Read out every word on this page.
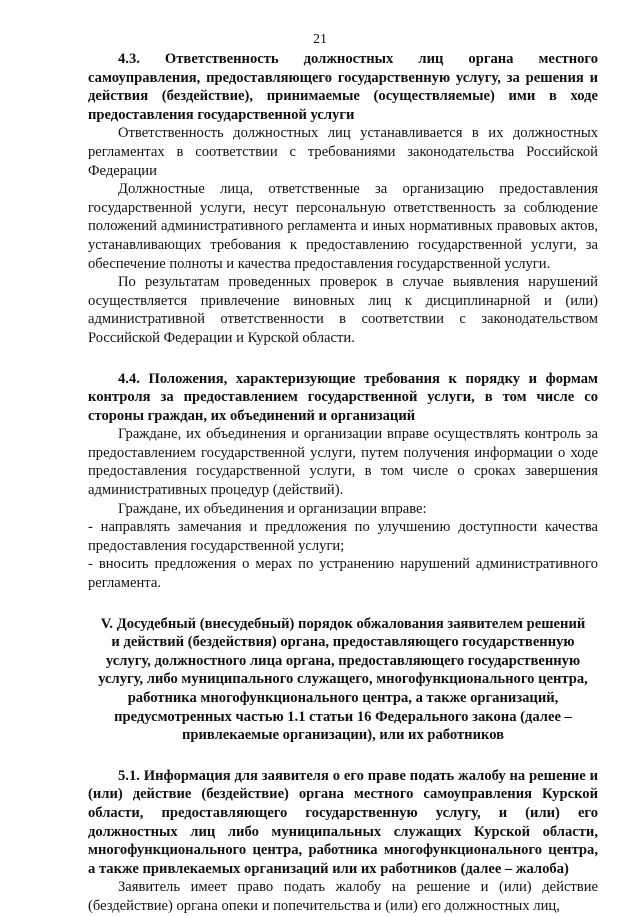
21

4.3. Ответственность должностных лиц органа местного самоуправления, предоставляющего государственную услугу, за решения и действия (бездействие), принимаемые (осуществляемые) ими в ходе предоставления государственной услуги

Ответственность должностных лиц устанавливается в их должностных регламентах в соответствии с требованиями законодательства Российской Федерации

Должностные лица, ответственные за организацию предоставления государственной услуги, несут персональную ответственность за соблюдение положений административного регламента и иных нормативных правовых актов, устанавливающих требования к предоставлению государственной услуги, за обеспечение полноты и качества предоставления государственной услуги.

По результатам проведенных проверок в случае выявления нарушений осуществляется привлечение виновных лиц к дисциплинарной и (или) административной ответственности в соответствии с законодательством Российской Федерации и Курской области.

4.4. Положения, характеризующие требования к порядку и формам контроля за предоставлением государственной услуги, в том числе со стороны граждан, их объединений и организаций

Граждане, их объединения и организации вправе осуществлять контроль за предоставлением государственной услуги, путем получения информации о ходе предоставления государственной услуги, в том числе о сроках завершения административных процедур (действий).

Граждане, их объединения и организации вправе:

- направлять замечания и предложения по улучшению доступности качества предоставления государственной услуги;

- вносить предложения о мерах по устранению нарушений административного регламента.

V. Досудебный (внесудебный) порядок обжалования заявителем решений и действий (бездействия) органа, предоставляющего государственную услугу, должностного лица органа, предоставляющего государственную услугу, либо муниципального служащего, многофункционального центра, работника многофункционального центра, а также организаций, предусмотренных частью 1.1 статьи 16 Федерального закона (далее – привлекаемые организации), или их работников

5.1. Информация для заявителя о его праве подать жалобу на решение и (или) действие (бездействие) органа местного самоуправления Курской области, предоставляющего государственную услугу, и (или) его должностных лиц либо муниципальных служащих Курской области, многофункционального центра, работника многофункционального центра, а также привлекаемых организаций или их работников (далее – жалоба)

Заявитель имеет право подать жалобу на решение и (или) действие (бездействие) органа опеки и попечительства и (или) его должностных лиц,
